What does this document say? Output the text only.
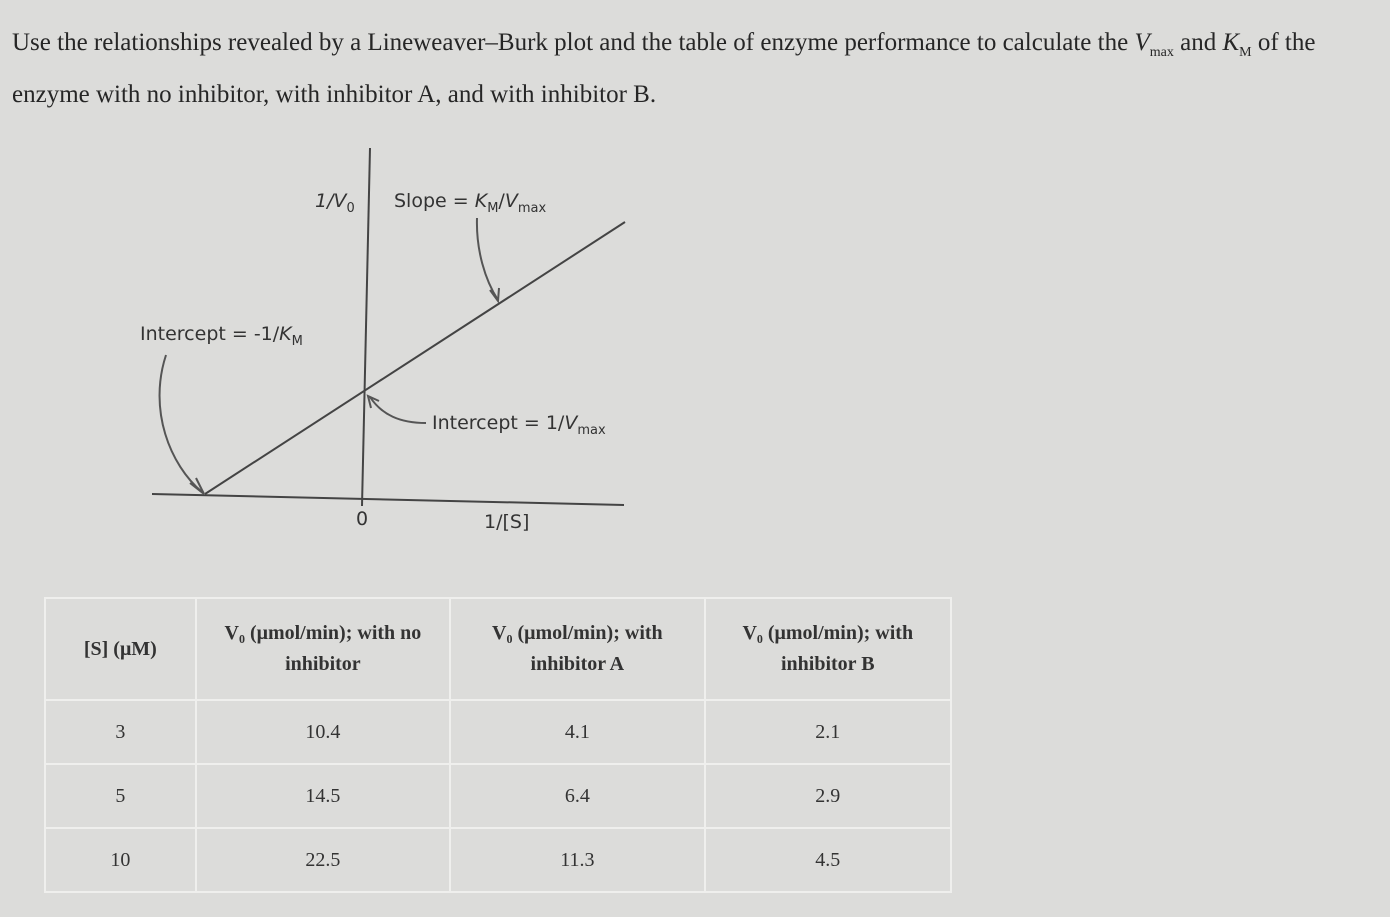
Use the relationships revealed by a Lineweaver–Burk plot and the table of enzyme performance to calculate the $V_{max}$ and $K_M$ of the enzyme with no inhibitor, with inhibitor A, and with inhibitor B.

$1/V_0$ Slope = $K_M/V_{max}$
Intercept = $-1/K_M$
Intercept = $1/V_{max}$
0	1/[S]
[S] (μM)	V₀ (μmol/min); with no inhibitor	V₀ (μmol/min); with inhibitor A	V₀ (μmol/min); with inhibitor B
3	10.4	4.1	2.1
5	14.5	6.4	2.9
10	22.5	11.3	4.5
